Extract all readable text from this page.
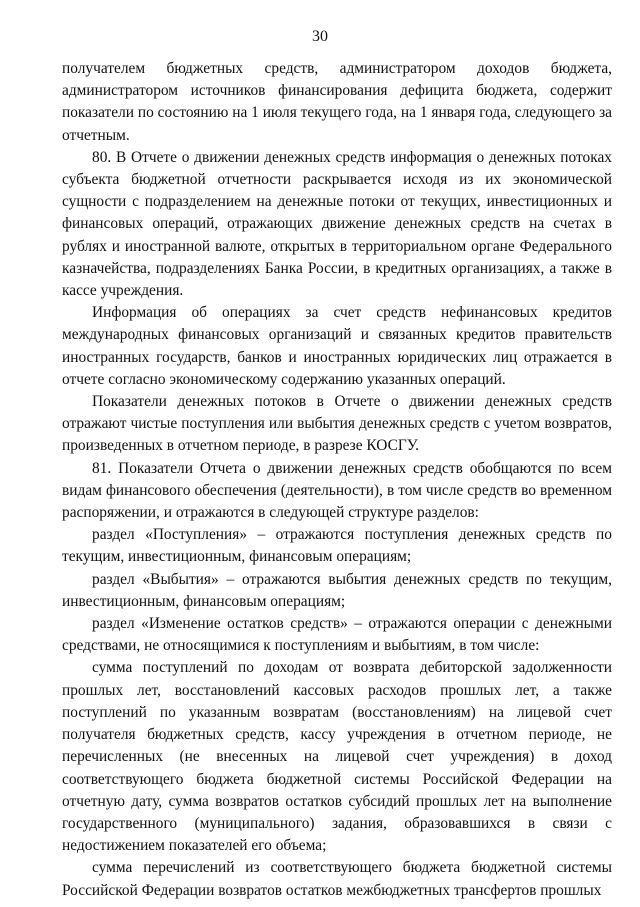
30

получателем бюджетных средств, администратором доходов бюджета, администратором источников финансирования дефицита бюджета, содержит показатели по состоянию на 1 июля текущего года, на 1 января года, следующего за отчетным.

80. В Отчете о движении денежных средств информация о денежных потоках субъекта бюджетной отчетности раскрывается исходя из их экономической сущности с подразделением на денежные потоки от текущих, инвестиционных и финансовых операций, отражающих движение денежных средств на счетах в рублях и иностранной валюте, открытых в территориальном органе Федерального казначейства, подразделениях Банка России, в кредитных организациях, а также в кассе учреждения.

Информация об операциях за счет средств нефинансовых кредитов международных финансовых организаций и связанных кредитов правительств иностранных государств, банков и иностранных юридических лиц отражается в отчете согласно экономическому содержанию указанных операций.

Показатели денежных потоков в Отчете о движении денежных средств отражают чистые поступления или выбытия денежных средств с учетом возвратов, произведенных в отчетном периоде, в разрезе КОСГУ.

81. Показатели Отчета о движении денежных средств обобщаются по всем видам финансового обеспечения (деятельности), в том числе средств во временном распоряжении, и отражаются в следующей структуре разделов:

раздел «Поступления» – отражаются поступления денежных средств по текущим, инвестиционным, финансовым операциям;

раздел «Выбытия» – отражаются выбытия денежных средств по текущим, инвестиционным, финансовым операциям;

раздел «Изменение остатков средств» – отражаются операции с денежными средствами, не относящимися к поступлениям и выбытиям, в том числе:

сумма поступлений по доходам от возврата дебиторской задолженности прошлых лет, восстановлений кассовых расходов прошлых лет, а также поступлений по указанным возвратам (восстановлениям) на лицевой счет получателя бюджетных средств, кассу учреждения в отчетном периоде, не перечисленных (не внесенных на лицевой счет учреждения) в доход соответствующего бюджета бюджетной системы Российской Федерации на отчетную дату, сумма возвратов остатков субсидий прошлых лет на выполнение государственного (муниципального) задания, образовавшихся в связи с недостижением показателей его объема;

сумма перечислений из соответствующего бюджета бюджетной системы Российской Федерации возвратов остатков межбюджетных трансфертов прошлых
